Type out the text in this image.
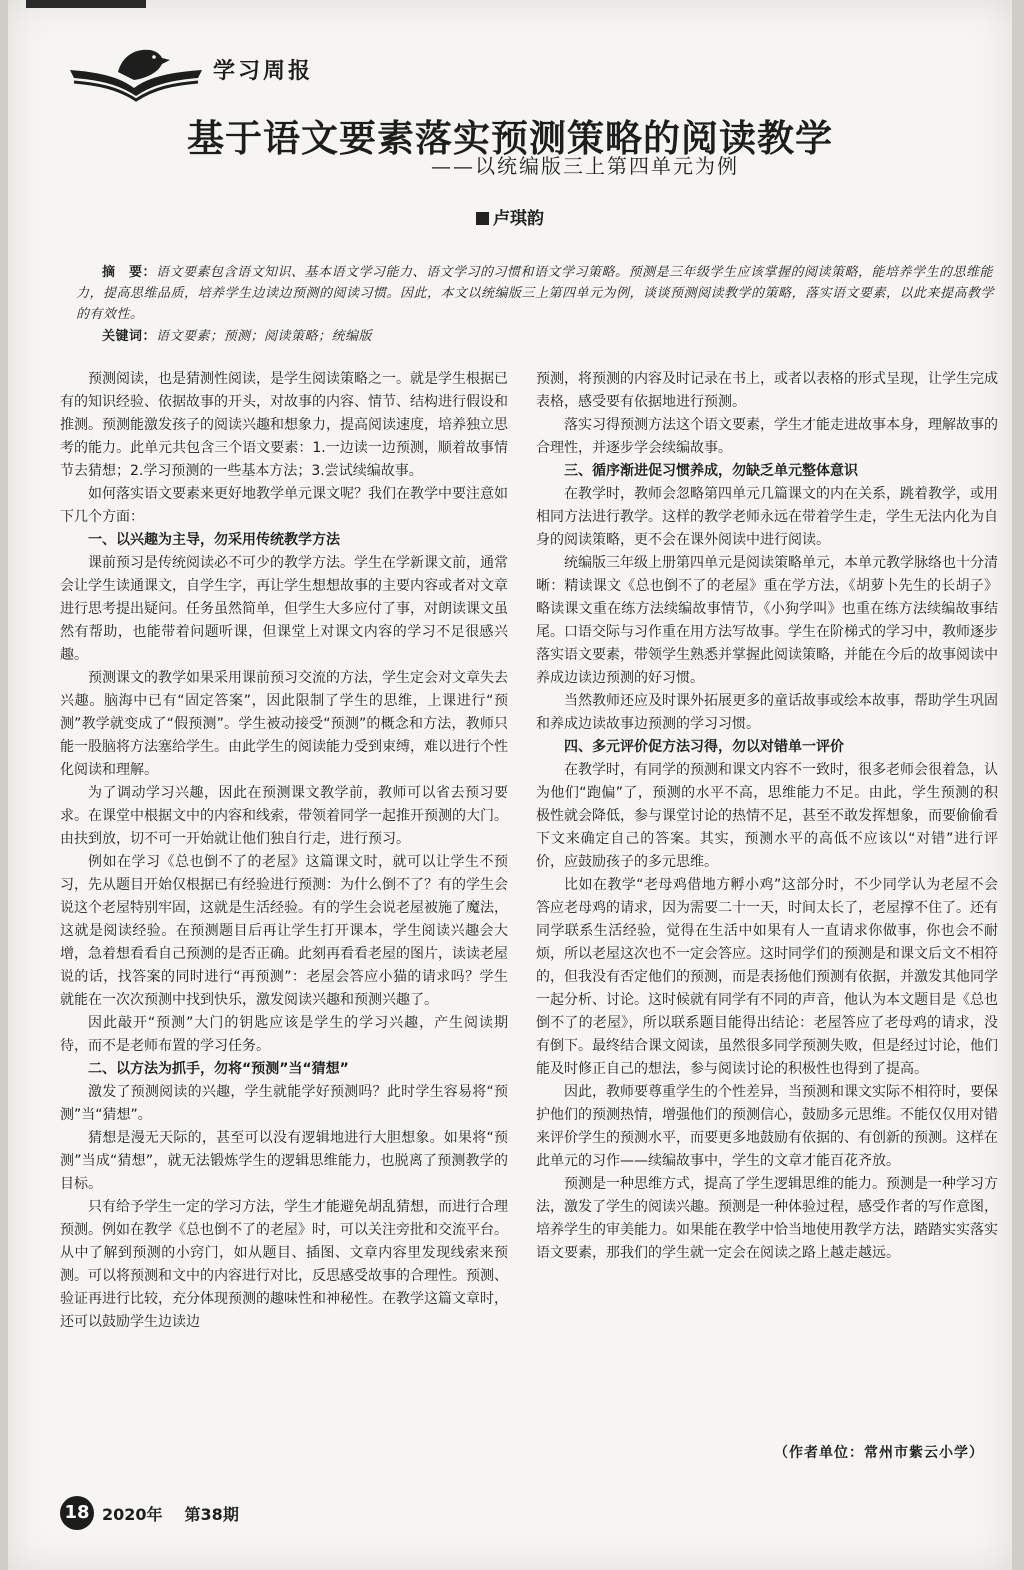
学习周报
基于语文要素落实预测策略的阅读教学
——以统编版三上第四单元为例
卢琪韵
摘　要：语文要素包含语文知识、基本语文学习能力、语文学习的习惯和语文学习策略。预测是三年级学生应该掌握的阅读策略，能培养学生的思维能力，提高思维品质，培养学生边读边预测的阅读习惯。因此，本文以统编版三上第四单元为例，谈谈预测阅读教学的策略，落实语文要素，以此来提高教学的有效性。
关键词：语文要素；预测；阅读策略；统编版

预测阅读，也是猜测性阅读，是学生阅读策略之一。就是学生根据已有的知识经验、依据故事的开头，对故事的内容、情节、结构进行假设和推测。预测能激发孩子的阅读兴趣和想象力，提高阅读速度，培养独立思考的能力。此单元共包含三个语文要素：1.一边读一边预测，顺着故事情节去猜想；2.学习预测的一些基本方法；3.尝试续编故事。

如何落实语文要素来更好地教学单元课文呢？我们在教学中要注意如下几个方面：

一、以兴趣为主导，勿采用传统教学方法

课前预习是传统阅读必不可少的教学方法。学生在学新课文前，通常会让学生读通课文，自学生字，再让学生想想故事的主要内容或者对文章进行思考提出疑问。任务虽然简单，但学生大多应付了事，对朗读课文虽然有帮助，也能带着问题听课，但课堂上对课文内容的学习不足很感兴趣。

预测课文的教学如果采用课前预习交流的方法，学生定会对文章失去兴趣。脑海中已有“固定答案”，因此限制了学生的思维，上课进行“预测”教学就变成了“假预测”。学生被动接受“预测”的概念和方法，教师只能一股脑将方法塞给学生。由此学生的阅读能力受到束缚，难以进行个性化阅读和理解。

为了调动学习兴趣，因此在预测课文教学前，教师可以省去预习要求。在课堂中根据文中的内容和线索，带领着同学一起推开预测的大门。由扶到放，切不可一开始就让他们独自行走，进行预习。

例如在学习《总也倒不了的老屋》这篇课文时，就可以让学生不预习，先从题目开始仅根据已有经验进行预测：为什么倒不了？有的学生会说这个老屋特别牢固，这就是生活经验。有的学生会说老屋被施了魔法，这就是阅读经验。在预测题目后再让学生打开课本，学生阅读兴趣会大增，急着想看看自己预测的是否正确。此刻再看看老屋的图片，读读老屋说的话，找答案的同时进行“再预测”：老屋会答应小猫的请求吗？学生就能在一次次预测中找到快乐，激发阅读兴趣和预测兴趣了。

因此敲开“预测”大门的钥匙应该是学生的学习兴趣，产生阅读期待，而不是老师布置的学习任务。

二、以方法为抓手，勿将“预测”当“猜想”

激发了预测阅读的兴趣，学生就能学好预测吗？此时学生容易将“预测”当“猜想”。

猜想是漫无天际的，甚至可以没有逻辑地进行大胆想象。如果将“预测”当成“猜想”，就无法锻炼学生的逻辑思维能力，也脱离了预测教学的目标。

只有给予学生一定的学习方法，学生才能避免胡乱猜想，而进行合理预测。例如在教学《总也倒不了的老屋》时，可以关注旁批和交流平台。从中了解到预测的小窍门，如从题目、插图、文章内容里发现线索来预测。可以将预测和文中的内容进行对比，反思感受故事的合理性。预测、验证再进行比较，充分体现预测的趣味性和神秘性。在教学这篇文章时，还可以鼓励学生边读边

预测，将预测的内容及时记录在书上，或者以表格的形式呈现，让学生完成表格，感受要有依据地进行预测。

落实习得预测方法这个语文要素，学生才能走进故事本身，理解故事的合理性，并逐步学会续编故事。

三、循序渐进促习惯养成，勿缺乏单元整体意识

在教学时，教师会忽略第四单元几篇课文的内在关系，跳着教学，或用相同方法进行教学。这样的教学老师永远在带着学生走，学生无法内化为自身的阅读策略，更不会在课外阅读中进行阅读。

统编版三年级上册第四单元是阅读策略单元，本单元教学脉络也十分清晰：精读课文《总也倒不了的老屋》重在学方法，《胡萝卜先生的长胡子》略读课文重在练方法续编故事情节，《小狗学叫》也重在练方法续编故事结尾。口语交际与习作重在用方法写故事。学生在阶梯式的学习中，教师逐步落实语文要素，带领学生熟悉并掌握此阅读策略，并能在今后的故事阅读中养成边读边预测的好习惯。

当然教师还应及时课外拓展更多的童话故事或绘本故事，帮助学生巩固和养成边读故事边预测的学习习惯。

四、多元评价促方法习得，勿以对错单一评价

在教学时，有同学的预测和课文内容不一致时，很多老师会很着急，认为他们“跑偏”了，预测的水平不高，思维能力不足。由此，学生预测的积极性就会降低，参与课堂讨论的热情不足，甚至不敢发挥想象，而要偷偷看下文来确定自己的答案。其实，预测水平的高低不应该以“对错”进行评价，应鼓励孩子的多元思维。

比如在教学“老母鸡借地方孵小鸡”这部分时，不少同学认为老屋不会答应老母鸡的请求，因为需要二十一天，时间太长了，老屋撑不住了。还有同学联系生活经验，觉得在生活中如果有人一直请求你做事，你也会不耐烦，所以老屋这次也不一定会答应。这时同学们的预测是和课文后文不相符的，但我没有否定他们的预测，而是表扬他们预测有依据，并激发其他同学一起分析、讨论。这时候就有同学有不同的声音，他认为本文题目是《总也倒不了的老屋》，所以联系题目能得出结论：老屋答应了老母鸡的请求，没有倒下。最终结合课文阅读，虽然很多同学预测失败，但是经过讨论，他们能及时修正自己的想法，参与阅读讨论的积极性也得到了提高。

因此，教师要尊重学生的个性差异，当预测和课文实际不相符时，要保护他们的预测热情，增强他们的预测信心，鼓励多元思维。不能仅仅用对错来评价学生的预测水平，而要更多地鼓励有依据的、有创新的预测。这样在此单元的习作——续编故事中，学生的文章才能百花齐放。

预测是一种思维方式，提高了学生逻辑思维的能力。预测是一种学习方法，激发了学生的阅读兴趣。预测是一种体验过程，感受作者的写作意图，培养学生的审美能力。如果能在教学中恰当地使用教学方法，踏踏实实落实语文要素，那我们的学生就一定会在阅读之路上越走越远。

（作者单位：常州市紫云小学）
18 2020年 第38期
